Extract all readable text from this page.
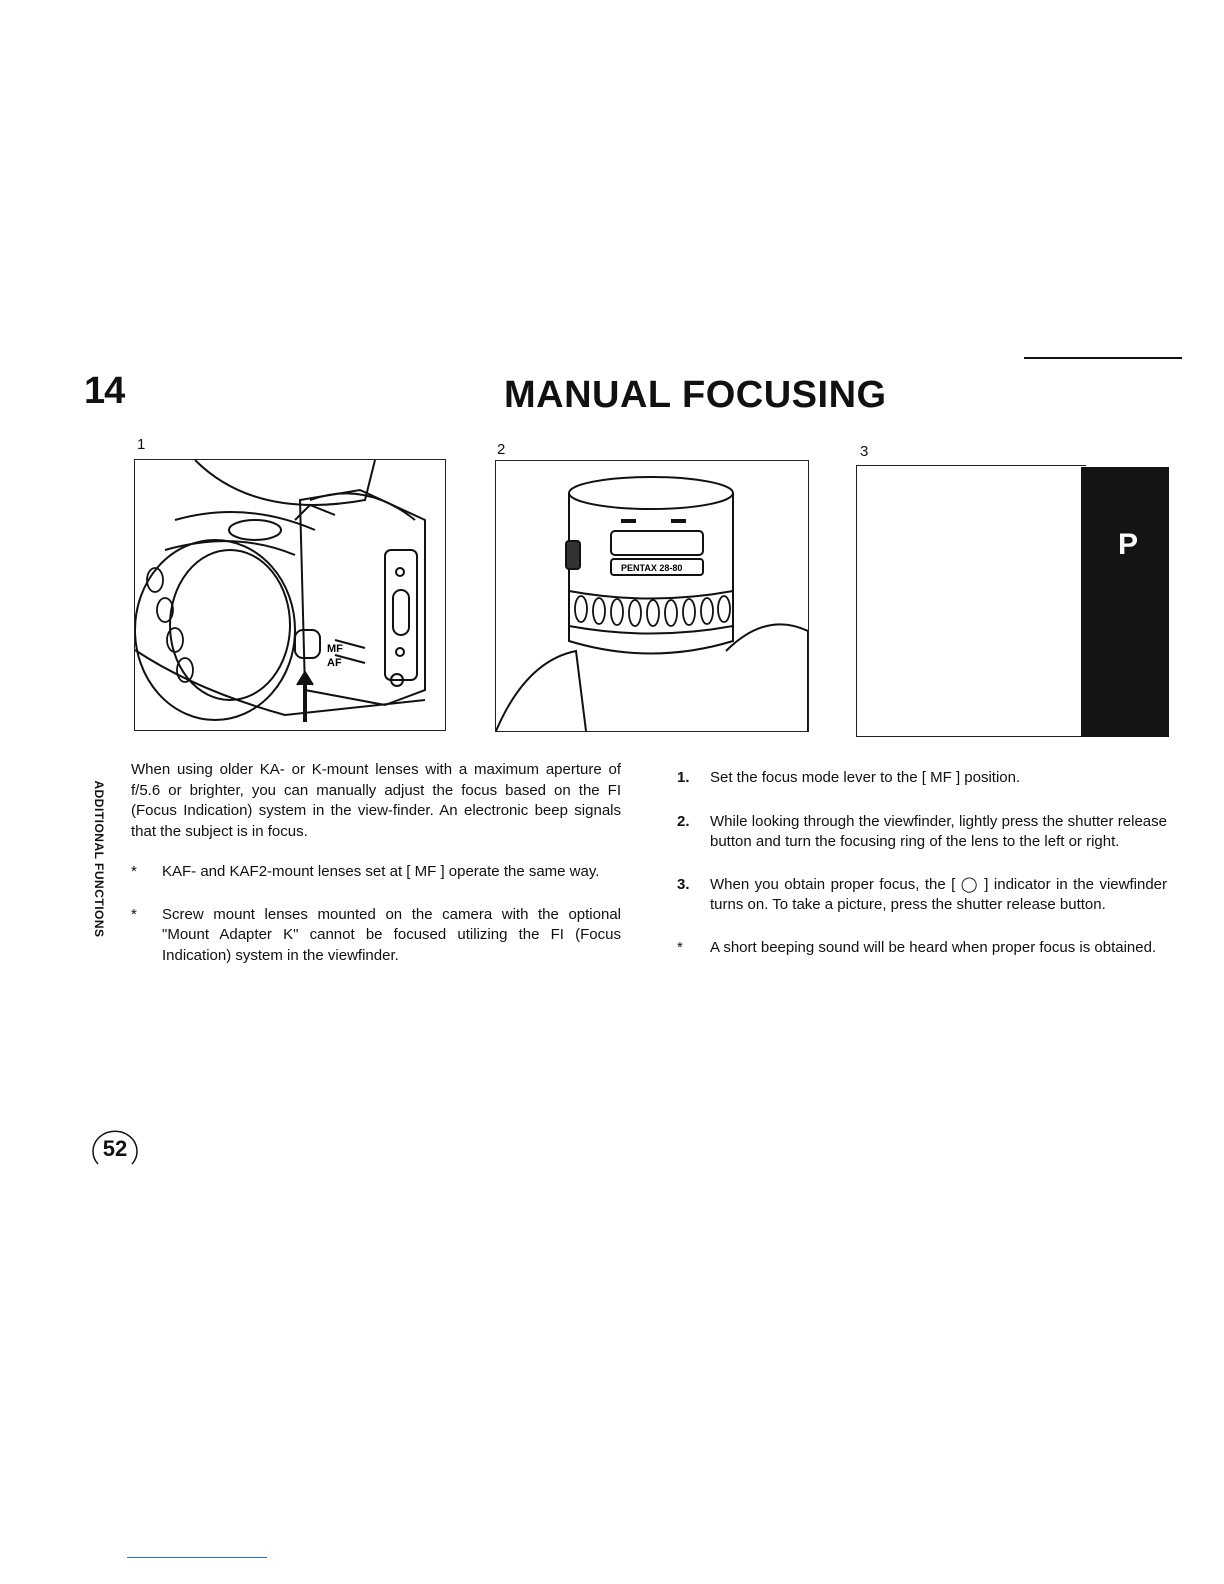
14	MANUAL FOCUSING
1
MF
AF
2
PENTAX 28-80
3
P
ADDITIONAL FUNCTIONS

When using older KA- or K-mount lenses with a maximum aperture of f/5.6 or brighter, you can manually adjust the focus based on the FI (Focus Indication) system in the view-finder. An electronic beep signals that the subject is in focus.

*	KAF- and KAF2-mount lenses set at [ MF ] operate the same way.
*	Screw mount lenses mounted on the camera with the optional "Mount Adapter K" cannot be focused utilizing the FI (Focus Indication) system in the viewfinder.
1.	Set the focus mode lever to the [ MF ] position.
2.	While looking through the viewfinder, lightly press the shutter release button and turn the focusing ring of the lens to the left or right.
3.	When you obtain proper focus, the [ ◯ ] indicator in the viewfinder turns on. To take a picture, press the shutter release button.
*	A short beeping sound will be heard when proper focus is obtained.
52
